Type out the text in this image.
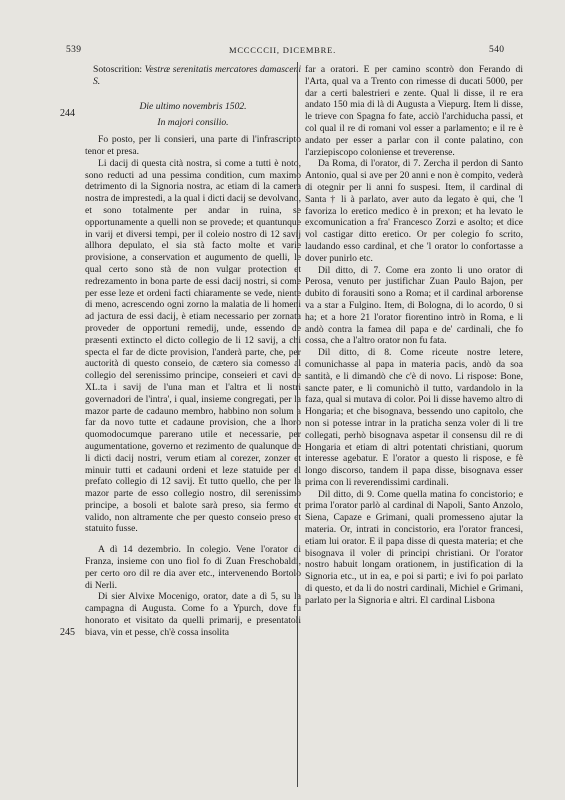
539	MCCCCCII, DICEMBRE.	540
244
245

Sotoscrition: Vestræ serenitatis mercatores damasceni S.

Die ultimo novembris 1502.

In majori consilio.

Fo posto, per li consieri, una parte di l'infrascripto tenor et presa.

Li dacij di questa cità nostra, si come a tutti è noto, sono reducti ad una pessima condition, cum maximo detrimento di la Signoria nostra, ac etiam di la camera nostra de imprestedi, a la qual i dicti dacij se devolvano, et sono totalmente per andar in ruina, se opportunamente a quelli non se provede; et quantunque in varij et diversi tempi, per il coleio nostro di 12 savij allhora depulato, el sia stà facto molte et varie provisione, a conservation et augumento de quelli, le qual certo sono stà de non vulgar protection et redrezamento in bona parte de essi dacij nostri, si come per esse leze et ordeni facti chiaramente se vede, niente di meno, acrescendo ogni zorno la malatia de li homeni ad jactura de essi dacij, è etiam necessario per zornata proveder de opportuni remedij, unde, essendo de præsenti extincto el dicto collegio de li 12 savij, a chi specta el far de dicte provision, l'anderà parte, che, per auctorità di questo conseio, de cætero sia comesso al collegio del serenissimo principe, conseieri et cavi de XL.ta i savij de l'una man et l'altra et li nostri governadori de l'intra', i qual, insieme congregati, per la mazor parte de cadauno membro, habbino non solum a far da novo tutte et cadaune provision, che a lhoro quomodocumque parerano utile et necessarie, per augumentatione, governo et rezimento de qualunque de li dicti dacij nostri, verum etiam al corezer, zonzer et minuir tutti et cadauni ordeni et leze statuide per el prefato collegio di 12 savij. Et tutto quello, che per la mazor parte de esso collegio nostro, dil serenissimo principe, a bosoli et balote sarà preso, sia fermo et valido, non altramente che per questo conseio preso et statuito fusse.

A dì 14 dezembrio. In colegio. Vene l'orator di Franza, insieme con uno fiol fo di Zuan Freschobaldi, per certo oro dil re dia aver etc., intervenendo Bortolo di Nerli.

Di sier Alvixe Mocenigo, orator, date a dì 5, su la campagna di Augusta. Come fo a Ypurch, dove fu honorato et visitato da quelli primarij, e presentatoli biava, vin et pesse, ch'è cossa insolita

far a oratori. E per camino scontrò don Ferando di l'Arta, qual va a Trento con rimesse di ducati 5000, per dar a certi balestrieri e zente. Qual li disse, il re era andato 150 mia di là di Augusta a Viepurg. Item li disse, le trieve con Spagna fo fate, acciò l'archiducha passi, et col qual il re di romani vol esser a parlamento; e il re è andato per esser a parlar con il conte palatino, con l'arziepiscopo coloniense et treverense.

Da Roma, di l'orator, di 7. Zercha il perdon di Santo Antonio, qual si ave per 20 anni e non è compito, vederà di otegnir per li anni fo suspesi. Item, il cardinal di Santa † li à parlato, aver auto da legato è qui, che 'l favoriza lo eretico medico è in prexon; et ha levato le excomunication a fra' Francesco Zorzi e asolto; et dice vol castigar ditto eretico. Or per colegio fo scrito, laudando esso cardinal, et che 'l orator lo confortasse a dover punirlo etc.

Dil ditto, di 7. Come era zonto li uno orator di Perosa, venuto per justifichar Zuan Paulo Bajon, per dubito di forausiti sono a Roma; et il cardinal arborense va a star a Fulgino. Item, di Bologna, di lo acordo, 0 si ha; et a hore 21 l'orator fiorentino intrò in Roma, e li andò contra la famea dil papa e de' cardinali, che fo cossa, che a l'altro orator non fu fata.

Dil ditto, di 8. Come riceute nostre letere, comunichasse al papa in materia pacis, andò da soa santità, e li dimandò che c'è di novo. Li rispose: Bone, sancte pater, e li comunichò il tutto, vardandolo in la faza, qual si mutava di color. Poi li disse havemo altro di Hongaria; et che bisognava, bessendo uno capitolo, che non si potesse intrar in la praticha senza voler di li tre collegati, perhò bisognava aspetar il consensu dil re di Hongaria et etiam di altri potentati christiani, quorum interesse agebatur. E l'orator a questo li rispose, e fè longo discorso, tandem il papa disse, bisognava esser prima con li reverendissimi cardinali.

Dil ditto, di 9. Come quella matina fo concistorio; e prima l'orator parlò al cardinal di Napoli, Santo Anzolo, Siena, Capaze e Grimani, quali promesseno ajutar la materia. Or, intrati in concistorio, era l'orator francesi, etiam lui orator. E il papa disse di questa materia; et che bisognava il voler di principi christiani. Or l'orator nostro habuit longam orationem, in justification di la Signoria etc., ut in ea, e poi si partì; e ivi fo poi parlato di questo, et da li do nostri cardinali, Michiel e Grimani, parlato per la Signoria e altri. El cardinal Lisbona
